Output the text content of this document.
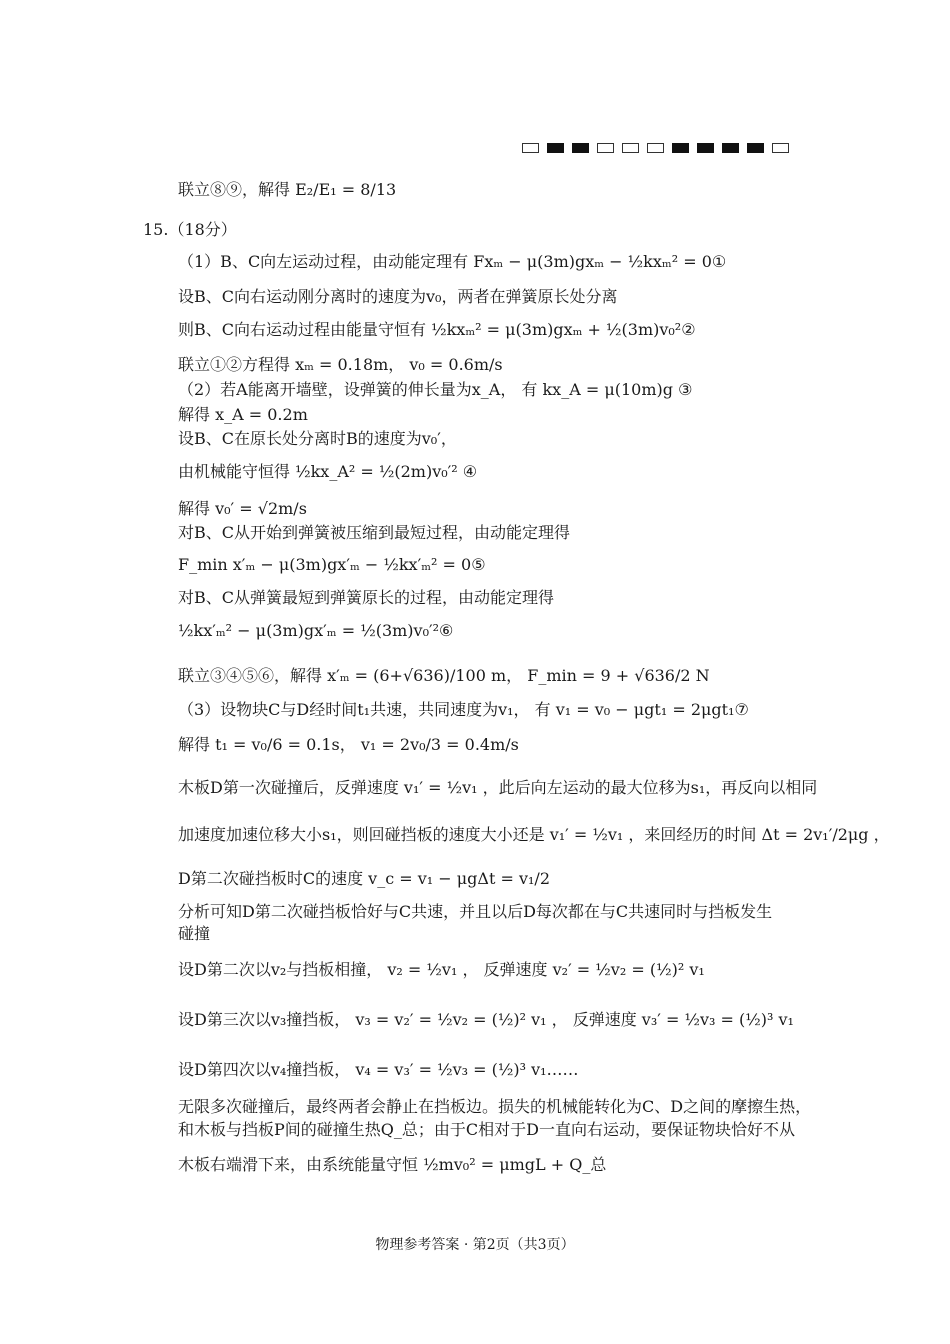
联立⑧⑨，解得 E₂/E₁ = 8/13
15.（18分）
（1）B、C向左运动过程，由动能定理有 Fxₘ − μ(3m)gxₘ − ½kxₘ² = 0①
设B、C向右运动刚分离时的速度为v₀，两者在弹簧原长处分离
则B、C向右运动过程由能量守恒有 ½kxₘ² = μ(3m)gxₘ + ½(3m)v₀²②
联立①②方程得 xₘ = 0.18m， v₀ = 0.6m/s
（2）若A能离开墙壁，设弹簧的伸长量为x_A， 有 kx_A = μ(10m)g ③
解得 x_A = 0.2m
设B、C在原长处分离时B的速度为v₀′，
由机械能守恒得 ½kx_A² = ½(2m)v₀′² ④
解得 v₀′ = √2m/s
对B、C从开始到弹簧被压缩到最短过程，由动能定理得
F_min x′ₘ − μ(3m)gx′ₘ − ½kx′ₘ² = 0⑤
对B、C从弹簧最短到弹簧原长的过程，由动能定理得
½kx′ₘ² − μ(3m)gx′ₘ = ½(3m)v₀′²⑥
联立③④⑤⑥，解得 x′ₘ = (6+√636)/100 m， F_min = 9 + √636/2 N
（3）设物块C与D经时间t₁共速，共同速度为v₁， 有 v₁ = v₀ − μgt₁ = 2μgt₁⑦
解得 t₁ = v₀/6 = 0.1s， v₁ = 2v₀/3 = 0.4m/s
木板D第一次碰撞后，反弹速度 v₁′ = ½v₁ ，此后向左运动的最大位移为s₁，再反向以相同
加速度加速位移大小s₁，则回碰挡板的速度大小还是 v₁′ = ½v₁ ，来回经历的时间 Δt = 2v₁′/2μg ，
D第二次碰挡板时C的速度 v_c = v₁ − μgΔt = v₁/2
分析可知D第二次碰挡板恰好与C共速，并且以后D每次都在与C共速同时与挡板发生
碰撞
设D第二次以v₂与挡板相撞， v₂ = ½v₁ ， 反弹速度 v₂′ = ½v₂ = (½)² v₁
设D第三次以v₃撞挡板， v₃ = v₂′ = ½v₂ = (½)² v₁ ， 反弹速度 v₃′ = ½v₃ = (½)³ v₁
设D第四次以v₄撞挡板， v₄ = v₃′ = ½v₃ = (½)³ v₁……
无限多次碰撞后，最终两者会静止在挡板边。损失的机械能转化为C、D之间的摩擦生热，
和木板与挡板P间的碰撞生热Q_总；由于C相对于D一直向右运动，要保证物块恰好不从
木板右端滑下来，由系统能量守恒 ½mv₀² = μmgL + Q_总
物理参考答案 · 第2页（共3页）
